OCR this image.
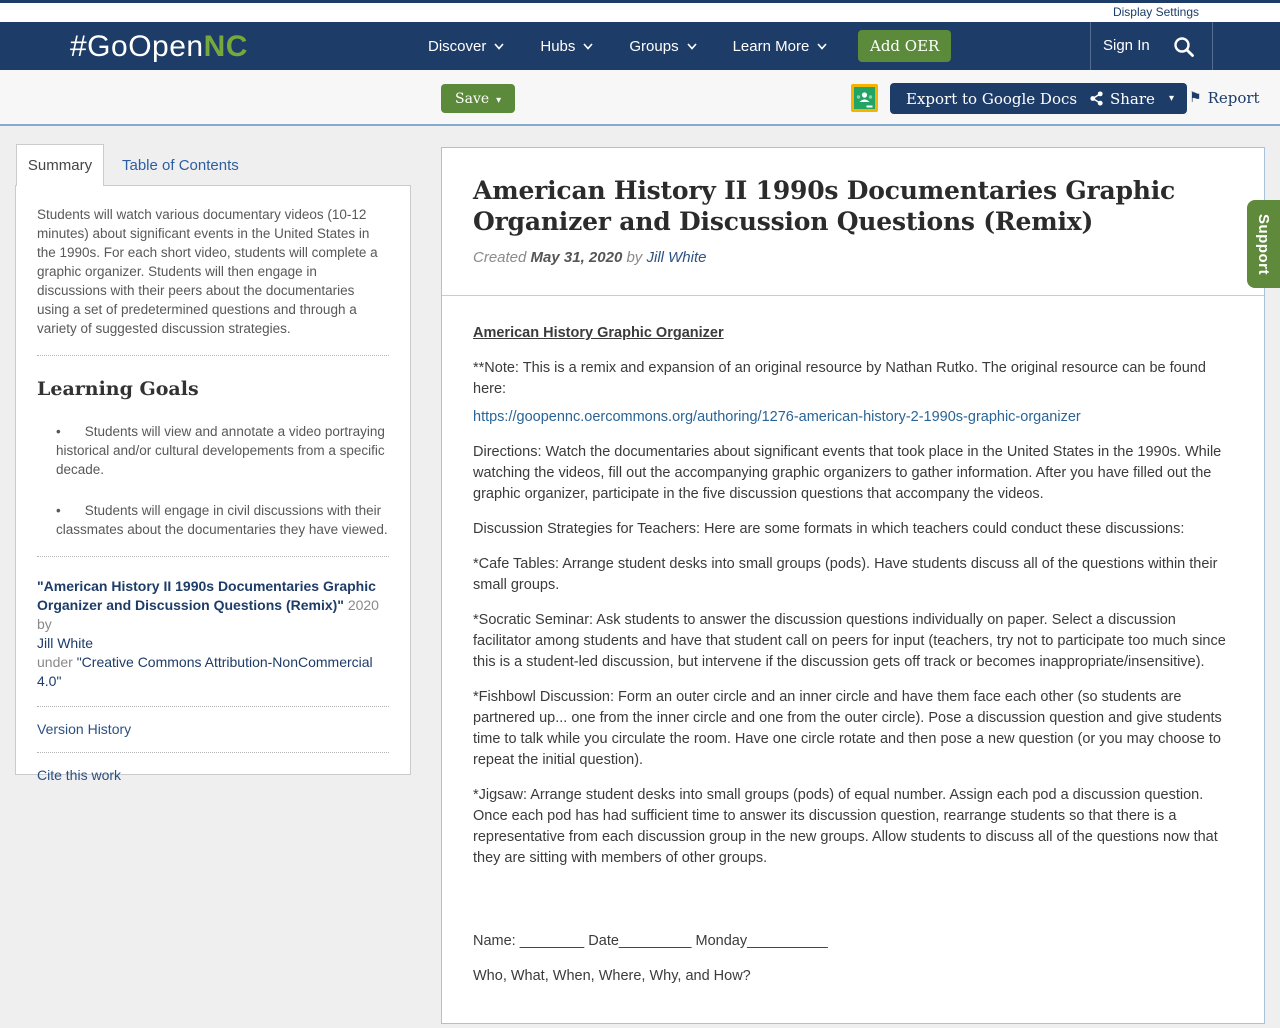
Display Settings
#GoOpenNC	Discover	Hubs	Groups	Learn More	Add OER	Sign In
Save ▾	Export to Google Docs	Share ▾ ⚑ Report
Summary	Table of Contents

Students will watch various documentary videos (10-12 minutes) about significant events in the United States in the 1990s. For each short video, students will complete a graphic organizer. Students will then engage in discussions with their peers about the documentaries using a set of predetermined questions and through a variety of suggested discussion strategies.

Learning Goals
• Students will view and annotate a video portraying historical and/or cultural developements from a specific decade.
• Students will engage in civil discussions with their classmates about the documentaries they have viewed.

"American History II 1990s Documentaries Graphic Organizer and Discussion Questions (Remix)" 2020 by
Jill White
under "Creative Commons Attribution-NonCommercial 4.0"

Version History
Cite this work
American History II 1990s Documentaries Graphic Organizer and Discussion Questions (Remix)
Created May 31, 2020 by Jill White

American History Graphic Organizer

**Note: This is a remix and expansion of an original resource by Nathan Rutko. The original resource can be found here:

https://goopennc.oercommons.org/authoring/1276-american-history-2-1990s-graphic-organizer

Directions: Watch the documentaries about significant events that took place in the United States in the 1990s. While watching the videos, fill out the accompanying graphic organizers to gather information. After you have filled out the graphic organizer, participate in the five discussion questions that accompany the videos.

Discussion Strategies for Teachers: Here are some formats in which teachers could conduct these discussions:

*Cafe Tables: Arrange student desks into small groups (pods). Have students discuss all of the questions within their small groups.

*Socratic Seminar: Ask students to answer the discussion questions individually on paper. Select a discussion facilitator among students and have that student call on peers for input (teachers, try not to participate too much since this is a student-led discussion, but intervene if the discussion gets off track or becomes inappropriate/insensitive).

*Fishbowl Discussion: Form an outer circle and an inner circle and have them face each other (so students are partnered up... one from the inner circle and one from the outer circle). Pose a discussion question and give students time to talk while you circulate the room. Have one circle rotate and then pose a new question (or you may choose to repeat the initial question).

*Jigsaw: Arrange student desks into small groups (pods) of equal number. Assign each pod a discussion question. Once each pod has had sufficient time to answer its discussion question, rearrange students so that there is a representative from each discussion group in the new groups. Allow students to discuss all of the questions now that they are sitting with members of other groups.

Name: ________ Date_________ Monday__________

Who, What, When, Where, Why, and How?

Support
